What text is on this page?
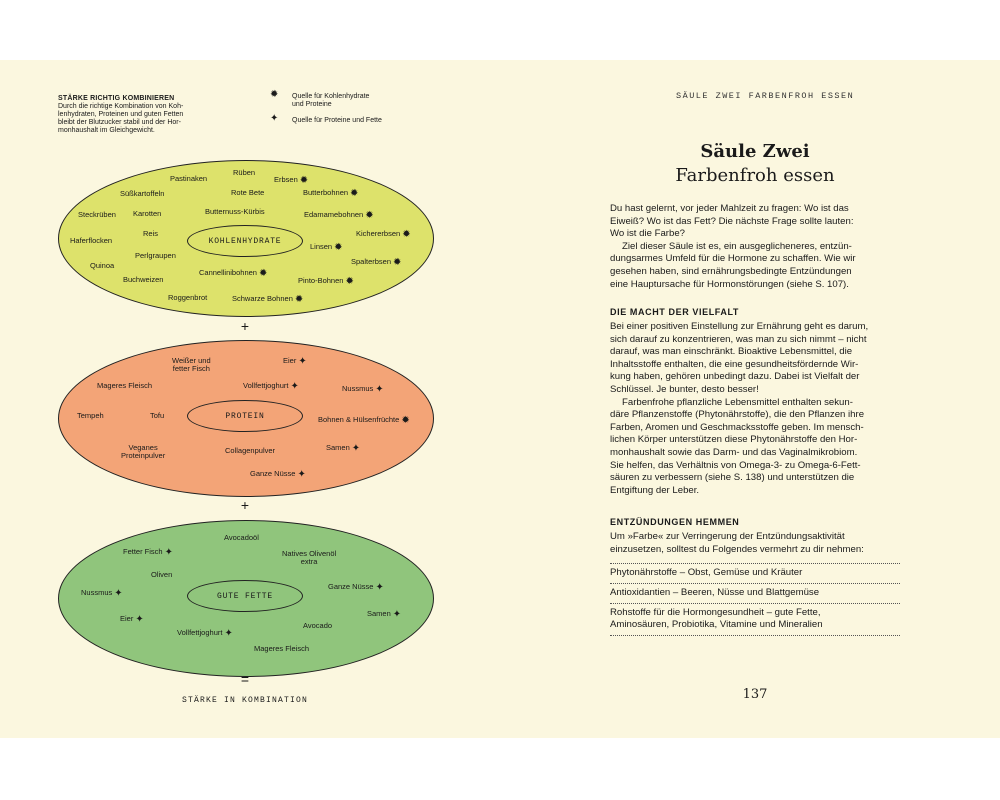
STÄRKE RICHTIG KOMBINIEREN
Durch die richtige Kombination von Koh-
lenhydraten, Proteinen und guten Fetten
bleibt der Blutzucker stabil und der Hor-
monhaushalt im Gleichgewicht.
✹ Quelle für Kohlenhydrate
und Proteine
✦ Quelle für Proteine und Fette
KOHLENHYDRATE
PROTEIN
GUTE FETTE
Rüben
Pastinaken	Erbsen ✹
Süßkartoffeln	Rote Bete	Butterbohnen ✹
Steckrüben Karotten	Butternuss-Kürbis	Edamamebohnen ✹
Reis	Kichererbsen ✹
Haferflocken
Linsen ✹
Perlgraupen
Spalterbsen ✹
Quinoa
Cannellinibohnen ✹
Buchweizen	Pinto-Bohnen ✹
Roggenbrot	Schwarze Bohnen ✹
Weißer und
fetter Fisch
Eier ✦
Mageres Fleisch	Vollfettjoghurt ✦	Nussmus ✦
Tempeh	Tofu	Bohnen & Hülsenfrüchte ✹
Veganes
Proteinpulver
Collagenpulver	Samen ✦
Ganze Nüsse ✦
Avocadoöl
Fetter Fisch ✦	Natives Olivenöl
extra
Oliven
Ganze Nüsse ✦
Nussmus ✦
Samen ✦
Eier ✦
Avocado
Vollfettjoghurt ✦
Mageres Fleisch
+
+
=
STÄRKE IN KOMBINATION
SÄULE ZWEI FARBENFROH ESSEN
Säule Zwei
Farbenfroh essen

Du hast gelernt, vor jeder Mahlzeit zu fragen: Wo ist das
Eiweiß? Wo ist das Fett? Die nächste Frage sollte lauten:
Wo ist die Farbe?

Ziel dieser Säule ist es, ein ausgeglicheneres, entzün-
dungsarmes Umfeld für die Hormone zu schaffen. Wie wir
gesehen haben, sind ernährungsbedingte Entzündungen
eine Hauptursache für Hormonstörungen (siehe S. 107).

DIE MACHT DER VIELFALT

Bei einer positiven Einstellung zur Ernährung geht es darum,
sich darauf zu konzentrieren, was man zu sich nimmt – nicht
darauf, was man einschränkt. Bioaktive Lebensmittel, die
Inhaltsstoffe enthalten, die eine gesundheitsfördernde Wir-
kung haben, gehören unbedingt dazu. Dabei ist Vielfalt der
Schlüssel. Je bunter, desto besser!

Farbenfrohe pflanzliche Lebensmittel enthalten sekun-
däre Pflanzenstoffe (Phytonährstoffe), die den Pflanzen ihre
Farben, Aromen und Geschmacksstoffe geben. Im mensch-
lichen Körper unterstützen diese Phytonährstoffe den Hor-
monhaushalt sowie das Darm- und das Vaginalmikrobiom.
Sie helfen, das Verhältnis von Omega-3- zu Omega-6-Fett-
säuren zu verbessern (siehe S. 138) und unterstützen die
Entgiftung der Leber.

ENTZÜNDUNGEN HEMMEN

Um »Farbe« zur Verringerung der Entzündungsaktivität
einzusetzen, solltest du Folgendes vermehrt zu dir nehmen:

Phytonährstoffe – Obst, Gemüse und Kräuter
Antioxidantien – Beeren, Nüsse und Blattgemüse
Rohstoffe für die Hormongesundheit – gute Fette,
Aminosäuren, Probiotika, Vitamine und Mineralien
137
